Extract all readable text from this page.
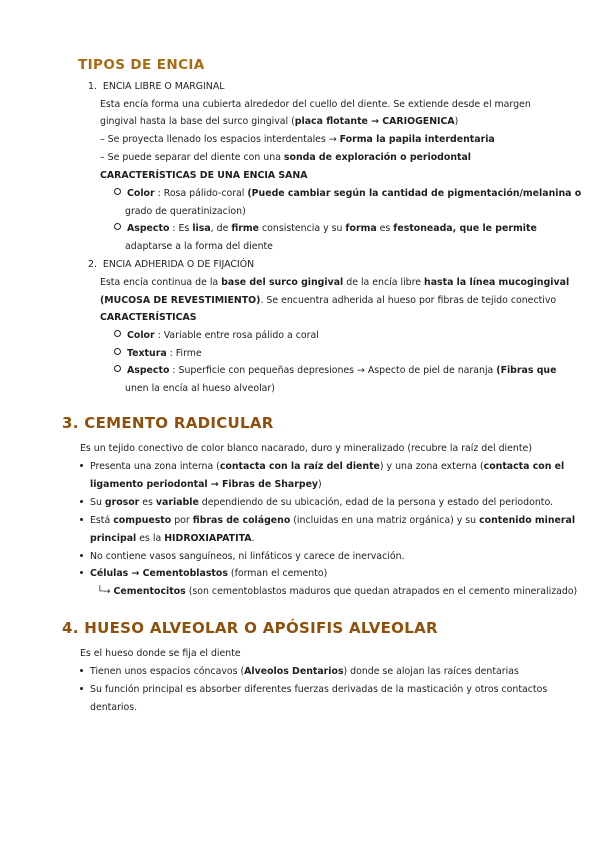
TIPOS DE ENCIA
1. ENCIA LIBRE O MARGINAL
Esta encía forma una cubierta alrededor del cuello del diente. Se extiende desde el margen
gingival hasta la base del surco gingival (placa flotante → CARIOGENICA)
– Se proyecta llenado los espacios interdentales → Forma la papila interdentaria
– Se puede separar del diente con una sonda de exploración o periodontal
CARACTERÍSTICAS DE UNA ENCIA SANA
Color : Rosa pálido-coral (Puede cambiar según la cantidad de pigmentación/melanina o
grado de queratinizacion)
Aspecto : Es lisa, de firme consistencia y su forma es festoneada, que le permite
adaptarse a la forma del diente
2. ENCIA ADHERIDA O DE FIJACIÓN
Esta encía continua de la base del surco gingival de la encía libre hasta la línea mucogingival
(MUCOSA DE REVESTIMIENTO). Se encuentra adherida al hueso por fibras de tejido conectivo
CARACTERÍSTICAS
Color : Variable entre rosa pálido a coral
Textura : Firme
Aspecto : Superficie con pequeñas depresiones → Aspecto de piel de naranja (Fibras que
unen la encía al hueso alveolar)
3. CEMENTO RADICULAR
Es un tejido conectivo de color blanco nacarado, duro y mineralizado (recubre la raíz del diente)
Presenta una zona interna (contacta con la raíz del diente) y una zona externa (contacta con el
ligamento periodontal → Fibras de Sharpey)
Su grosor es variable dependiendo de su ubicación, edad de la persona y estado del periodonto.
Está compuesto por fibras de colágeno (incluidas en una matriz orgánica) y su contenido mineral
principal es la HIDROXIAPATITA.
No contiene vasos sanguíneos, ni linfáticos y carece de inervación.
Células → Cementoblastos (forman el cemento)
└→ Cementocitos (son cementoblastos maduros que quedan atrapados en el cemento mineralizado)
4. HUESO ALVEOLAR O APÓSIFIS ALVEOLAR
Es el hueso donde se fija el diente
Tienen unos espacios cóncavos (Alveolos Dentarios) donde se alojan las raíces dentarias
Su función principal es absorber diferentes fuerzas derivadas de la masticación y otros contactos
dentarios.
